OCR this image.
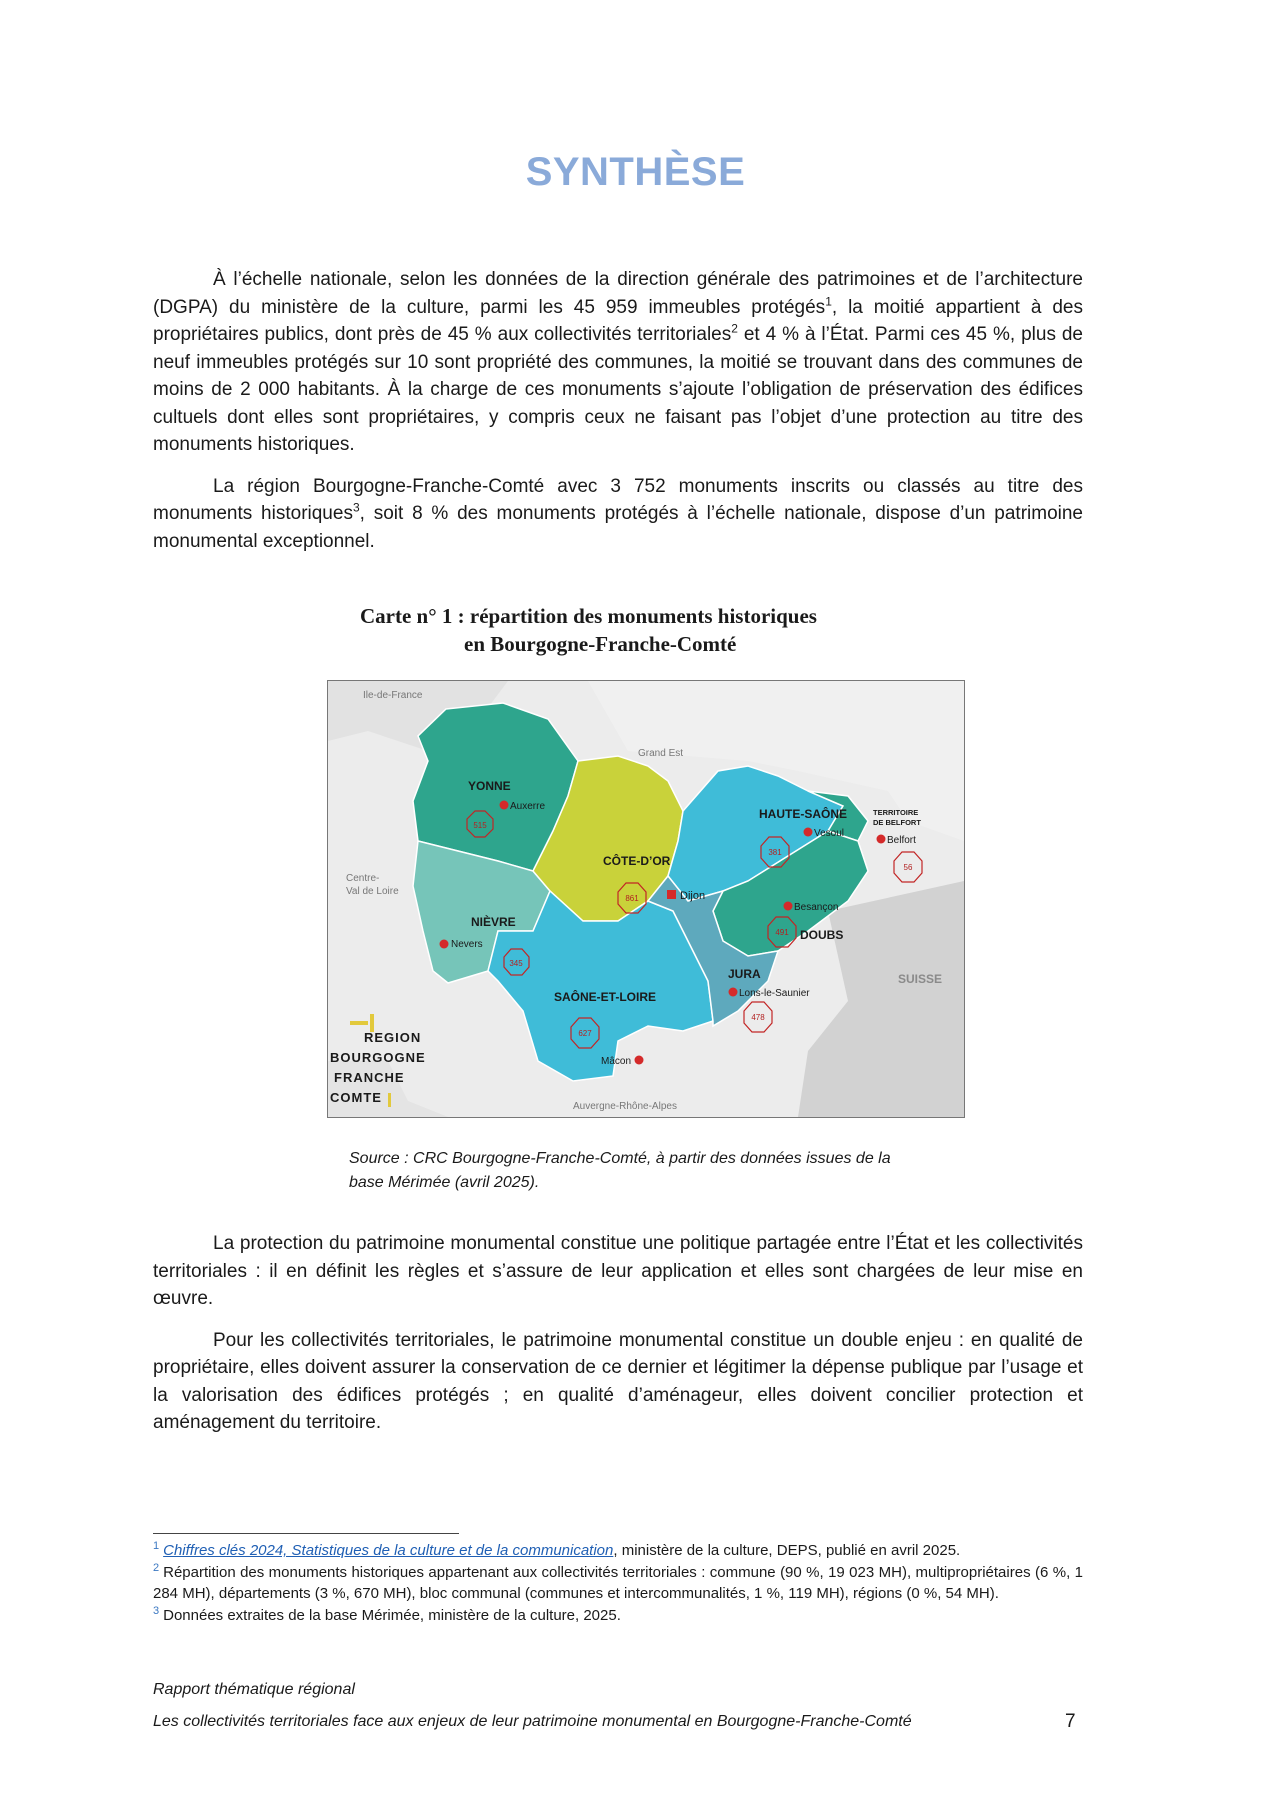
SYNTHÈSE

À l’échelle nationale, selon les données de la direction générale des patrimoines et de l’architecture (DGPA) du ministère de la culture, parmi les 45 959 immeubles protégés$^1$, la moitié appartient à des propriétaires publics, dont près de 45 % aux collectivités territoriales$^2$ et 4 % à l’État. Parmi ces 45 %, plus de neuf immeubles protégés sur 10 sont propriété des communes, la moitié se trouvant dans des communes de moins de 2 000 habitants. À la charge de ces monuments s’ajoute l’obligation de préservation des édifices cultuels dont elles sont propriétaires, y compris ceux ne faisant pas l’objet d’une protection au titre des monuments historiques.

La région Bourgogne-Franche-Comté avec 3 752 monuments inscrits ou classés au titre des monuments historiques$^3$, soit 8 % des monuments protégés à l’échelle nationale, dispose d’un patrimoine monumental exceptionnel.

Carte n° 1 : répartition des monuments historiques
en Bourgogne-Franche-Comté
Ile-de-France
Grand Est
Centre-
Val de Loire
SUISSE
Auvergne-Rhône-Alpes
YONNE
Auxerre
515
NIÈVRE
Nevers
345
CÔTE-D’OR
Dijon
861
SAÔNE-ET-LOIRE
627
Mâcon
HAUTE-SAÔNE
Vesoul
381
TERRITOIRE
DE BELFORT
Belfort
56
Besançon
491 DOUBS
JURA
Lons-le-Saunier
478
REGION
BOURGOGNE
FRANCHE
COMTE
Source : CRC Bourgogne-Franche-Comté, à partir des données issues de la
base Mérimée (avril 2025).

La protection du patrimoine monumental constitue une politique partagée entre l’État et les collectivités territoriales : il en définit les règles et s’assure de leur application et elles sont chargées de leur mise en œuvre.

Pour les collectivités territoriales, le patrimoine monumental constitue un double enjeu : en qualité de propriétaire, elles doivent assurer la conservation de ce dernier et légitimer la dépense publique par l’usage et la valorisation des édifices protégés ; en qualité d’aménageur, elles doivent concilier protection et aménagement du territoire.

$^1$ Chiffres clés 2024, Statistiques de la culture et de la communication, ministère de la culture, DEPS, publié en avril 2025.

$^2$ Répartition des monuments historiques appartenant aux collectivités territoriales : commune (90 %, 19 023 MH), multipropriétaires (6 %, 1 284 MH), départements (3 %, 670 MH), bloc communal (communes et intercommunalités, 1 %, 119 MH), régions (0 %, 54 MH).

$^3$ Données extraites de la base Mérimée, ministère de la culture, 2025.

Rapport thématique régional
Les collectivités territoriales face aux enjeux de leur patrimoine monumental en Bourgogne-Franche-Comté	7
